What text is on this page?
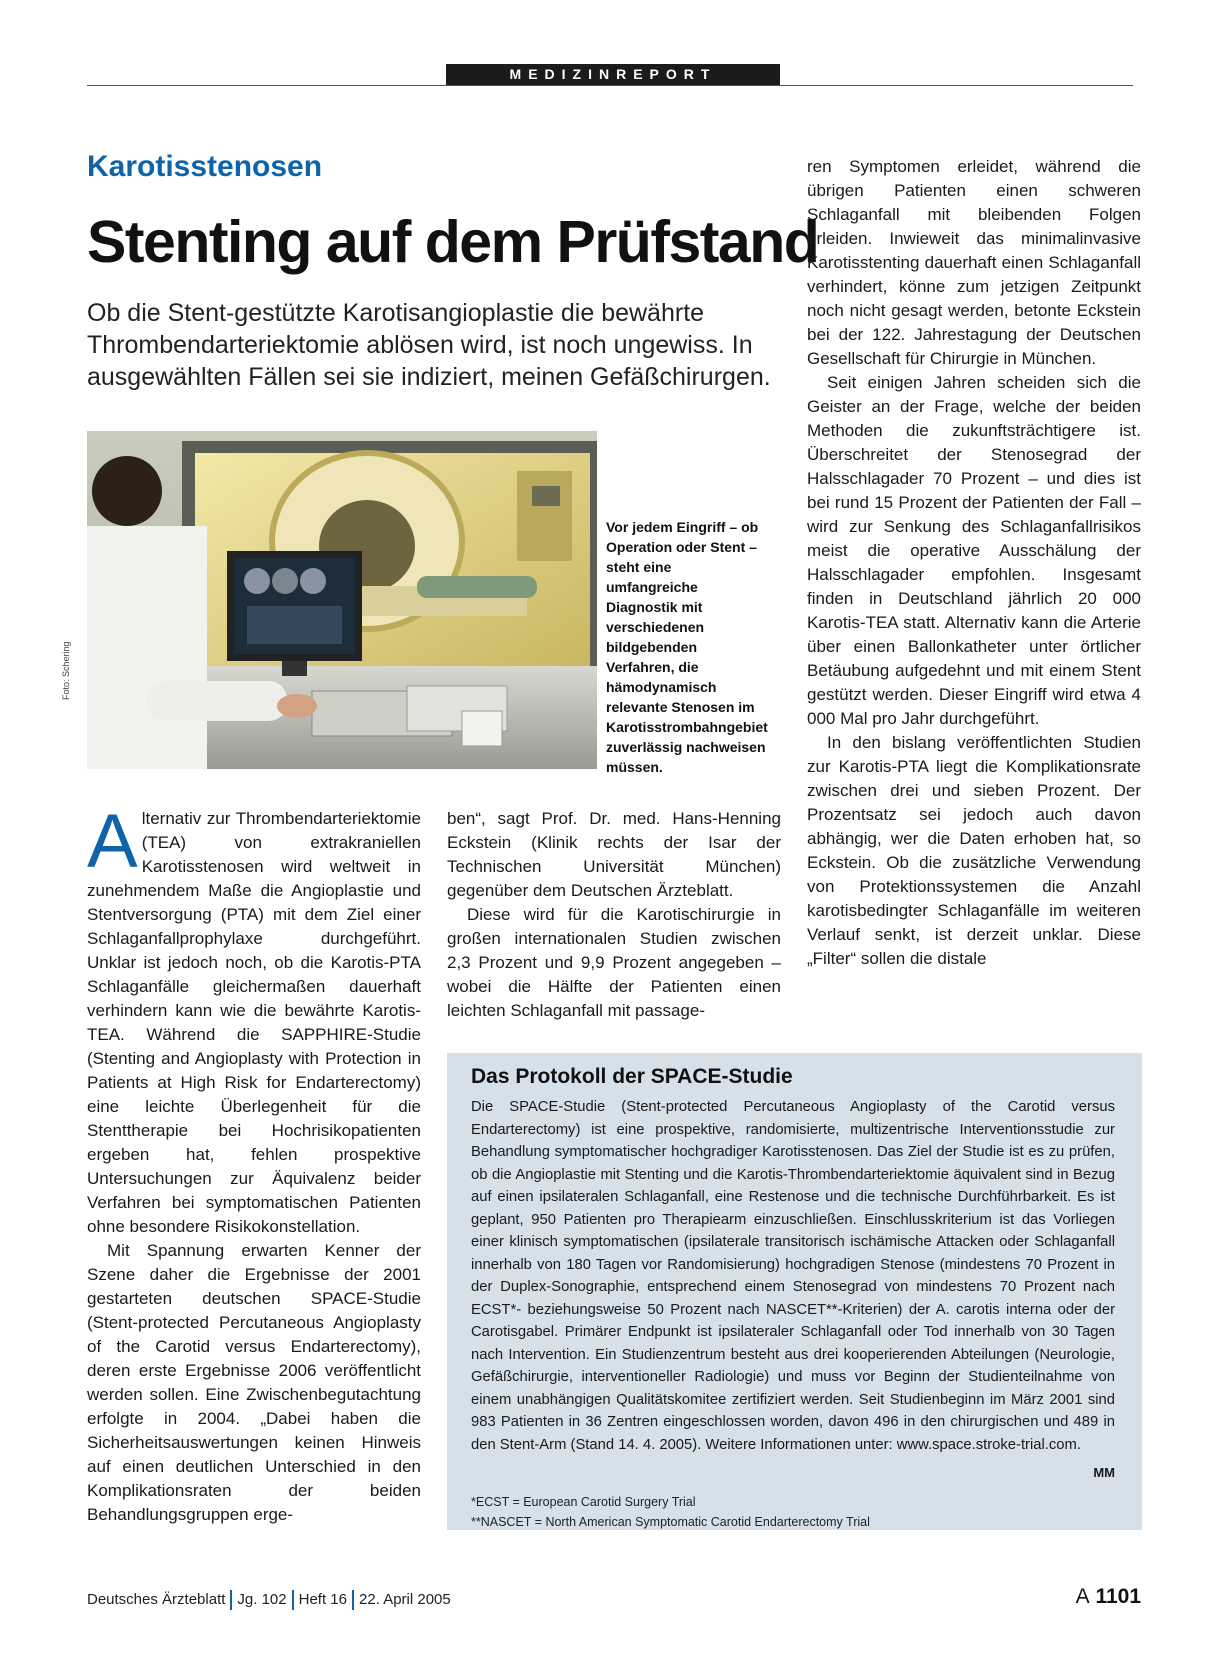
MEDIZINREPORT
Karotisstenosen
Stenting auf dem Prüfstand
Ob die Stent-gestützte Karotisangioplastie die bewährte Thrombendarteriektomie ablösen wird, ist noch ungewiss. In ausgewählten Fällen sei sie indiziert, meinen Gefäßchirurgen.
Foto: Schering
Vor jedem Eingriff – ob Operation oder Stent – steht eine umfangreiche Diagnostik mit verschiedenen bildgebenden Verfahren, die hämodynamisch relevante Stenosen im Karotisstrombahngebiet zuverlässig nachweisen müssen.

Alternativ zur Thrombendarteriektomie (TEA) von extrakraniellen Karotisstenosen wird weltweit in zunehmendem Maße die Angioplastie und Stentversorgung (PTA) mit dem Ziel einer Schlaganfallprophylaxe durchgeführt. Unklar ist jedoch noch, ob die Karotis-PTA Schlaganfälle gleichermaßen dauerhaft verhindern kann wie die bewährte Karotis-TEA. Während die SAPPHIRE-Studie (Stenting and Angioplasty with Protection in Patients at High Risk for Endarterectomy) eine leichte Überlegenheit für die Stenttherapie bei Hochrisikopatienten ergeben hat, fehlen prospektive Untersuchungen zur Äquivalenz beider Verfahren bei symptomatischen Patienten ohne besondere Risikokonstellation.

Mit Spannung erwarten Kenner der Szene daher die Ergebnisse der 2001 gestarteten deutschen SPACE-Studie (Stent-protected Percutaneous Angioplasty of the Carotid versus Endarterectomy), deren erste Ergebnisse 2006 veröffentlicht werden sollen. Eine Zwischenbegutachtung erfolgte in 2004. „Dabei haben die Sicherheitsauswertungen keinen Hinweis auf einen deutlichen Unterschied in den Komplikationsraten der beiden Behandlungsgruppen erge-

ben“, sagt Prof. Dr. med. Hans-Henning Eckstein (Klinik rechts der Isar der Technischen Universität München) gegenüber dem Deutschen Ärzteblatt.

Diese wird für die Karotischirurgie in großen internationalen Studien zwischen 2,3 Prozent und 9,9 Prozent angegeben – wobei die Hälfte der Patienten einen leichten Schlaganfall mit passage-

ren Symptomen erleidet, während die übrigen Patienten einen schweren Schlaganfall mit bleibenden Folgen erleiden. Inwieweit das minimalinvasive Karotisstenting dauerhaft einen Schlaganfall verhindert, könne zum jetzigen Zeitpunkt noch nicht gesagt werden, betonte Eckstein bei der 122. Jahrestagung der Deutschen Gesellschaft für Chirurgie in München.

Seit einigen Jahren scheiden sich die Geister an der Frage, welche der beiden Methoden die zukunftsträchtigere ist. Überschreitet der Stenosegrad der Halsschlagader 70 Prozent – und dies ist bei rund 15 Prozent der Patienten der Fall – wird zur Senkung des Schlaganfallrisikos meist die operative Ausschälung der Halsschlagader empfohlen. Insgesamt finden in Deutschland jährlich 20 000 Karotis-TEA statt. Alternativ kann die Arterie über einen Ballonkatheter unter örtlicher Betäubung aufgedehnt und mit einem Stent gestützt werden. Dieser Eingriff wird etwa 4 000 Mal pro Jahr durchgeführt.

In den bislang veröffentlichten Studien zur Karotis-PTA liegt die Komplikationsrate zwischen drei und sieben Prozent. Der Prozentsatz sei jedoch auch davon abhängig, wer die Daten erhoben hat, so Eckstein. Ob die zusätzliche Verwendung von Protektionssystemen die Anzahl karotisbedingter Schlaganfälle im weiteren Verlauf senkt, ist derzeit unklar. Diese „Filter“ sollen die distale

Das Protokoll der SPACE-Studie
Die SPACE-Studie (Stent-protected Percutaneous Angioplasty of the Carotid versus Endarterectomy) ist eine prospektive, randomisierte, multizentrische Interventionsstudie zur Behandlung symptomatischer hochgradiger Karotisstenosen. Das Ziel der Studie ist es zu prüfen, ob die Angioplastie mit Stenting und die Karotis-Thrombendarteriektomie äquivalent sind in Bezug auf einen ipsilateralen Schlaganfall, eine Restenose und die technische Durchführbarkeit. Es ist geplant, 950 Patienten pro Therapiearm einzuschließen. Einschlusskriterium ist das Vorliegen einer klinisch symptomatischen (ipsilaterale transitorisch ischämische Attacken oder Schlaganfall innerhalb von 180 Tagen vor Randomisierung) hochgradigen Stenose (mindestens 70 Prozent in der Duplex-Sonographie, entsprechend einem Stenosegrad von mindestens 70 Prozent nach ECST*- beziehungsweise 50 Prozent nach NASCET**-Kriterien) der A. carotis interna oder der Carotisgabel. Primärer Endpunkt ist ipsilateraler Schlaganfall oder Tod innerhalb von 30 Tagen nach Intervention. Ein Studienzentrum besteht aus drei kooperierenden Abteilungen (Neurologie, Gefäßchirurgie, interventioneller Radiologie) und muss vor Beginn der Studienteilnahme von einem unabhängigen Qualitätskomitee zertifiziert werden. Seit Studienbeginn im März 2001 sind 983 Patienten in 36 Zentren eingeschlossen worden, davon 496 in den chirurgischen und 489 in den Stent-Arm (Stand 14. 4. 2005). Weitere Informationen unter: www.space.stroke-trial.com.
MM
*ECST = European Carotid Surgery Trial
**NASCET = North American Symptomatic Carotid Endarterectomy Trial
Deutsches Ärzteblatt Jg. 102 Heft 16 22. April 2005	A 1101
